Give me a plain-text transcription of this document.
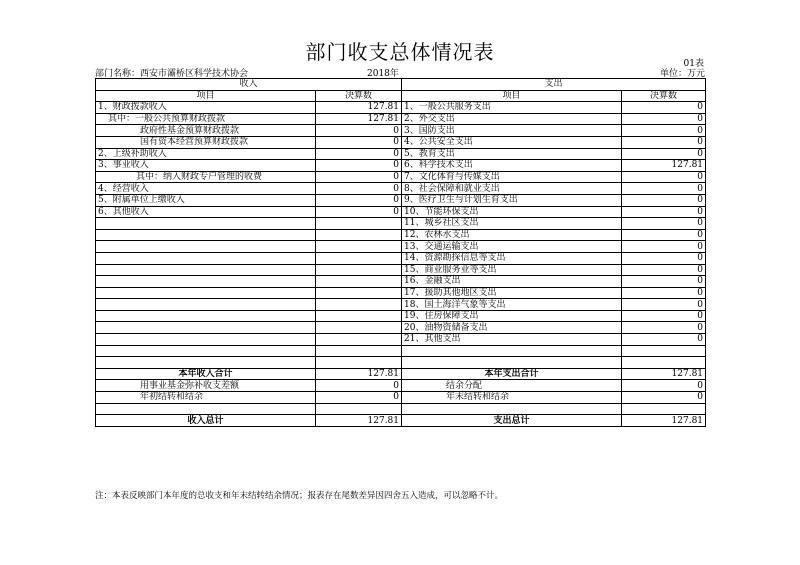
部门收支总体情况表	01表
部门名称：西安市灞桥区科学技术协会	2018年	单位：万元
收入		支出	
项目	决算数	项目	决算数
1、财政拨款收入	127.81	1、一般公共服务支出	0
其中：一般公共预算财政拨款	127.81	2、外交支出	0
政府性基金预算财政拨款	0	3、国防支出	0
国有资本经营预算财政拨款	0	4、公共安全支出	0
2、上级补助收入	0	5、教育支出	0
3、事业收入	0	6、科学技术支出	127.81
其中：纳入财政专户管理的收费	0	7、文化体育与传媒支出	0
4、经营收入	0	8、社会保障和就业支出	0
5、附属单位上缴收入	0	9、医疗卫生与计划生育支出	0
6、其他收入	0	10、节能环保支出	0
		11、城乡社区支出	0
		12、农林水支出	0
		13、交通运输支出	0
		14、资源勘探信息等支出	0
		15、商业服务业等支出	0
		16、金融支出	0
		17、援助其他地区支出	0
		18、国土海洋气象等支出	0
		19、住房保障支出	0
		20、油物资储备支出	0
		21、其他支出	0

本年收入合计	127.81	本年支出合计	127.81
用事业基金弥补收支差额	0	结余分配	0
年初结转和结余	0	年末结转和结余	0

收入总计	127.81	支出总计	127.81
注：本表反映部门本年度的总收支和年末结转结余情况；报表存在尾数差异因四舍五入造成，可以忽略不计。
